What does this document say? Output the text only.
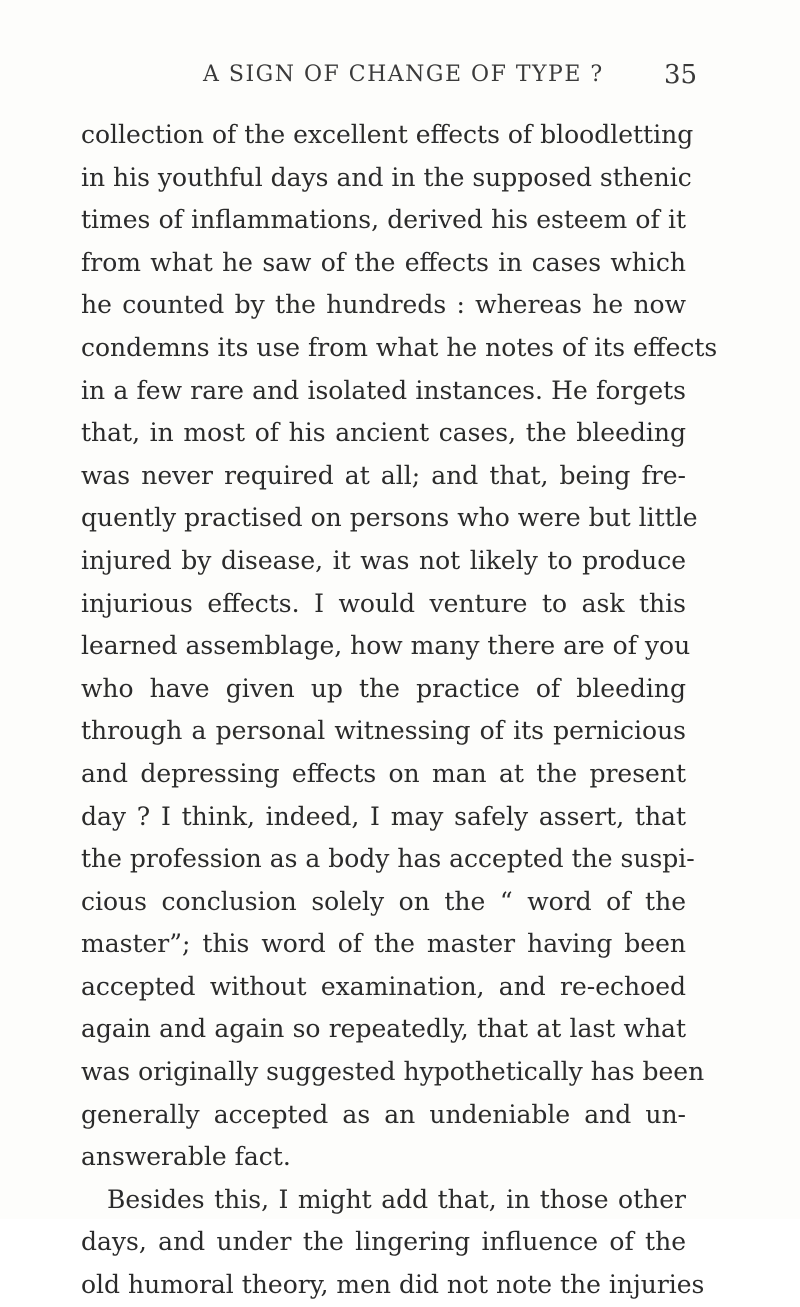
A SIGN OF CHANGE OF TYPE ? 35
collection of the excellent effects of bloodletting
in his youthful days and in the supposed sthenic
times of inflammations, derived his esteem of it
from what he saw of the effects in cases which
he counted by the hundreds : whereas he now
condemns its use from what he notes of its effects
in a few rare and isolated instances. He forgets
that, in most of his ancient cases, the bleeding
was never required at all; and that, being fre-
quently practised on persons who were but little
injured by disease, it was not likely to produce
injurious effects. I would venture to ask this
learned assemblage, how many there are of you
who have given up the practice of bleeding
through a personal witnessing of its pernicious
and depressing effects on man at the present
day ? I think, indeed, I may safely assert, that
the profession as a body has accepted the suspi-
cious conclusion solely on the “ word of the
master”; this word of the master having been
accepted without examination, and re-echoed
again and again so repeatedly, that at last what
was originally suggested hypothetically has been
generally accepted as an undeniable and un-
answerable fact.
Besides this, I might add that, in those other
days, and under the lingering influence of the
old humoral theory, men did not note the injuries
